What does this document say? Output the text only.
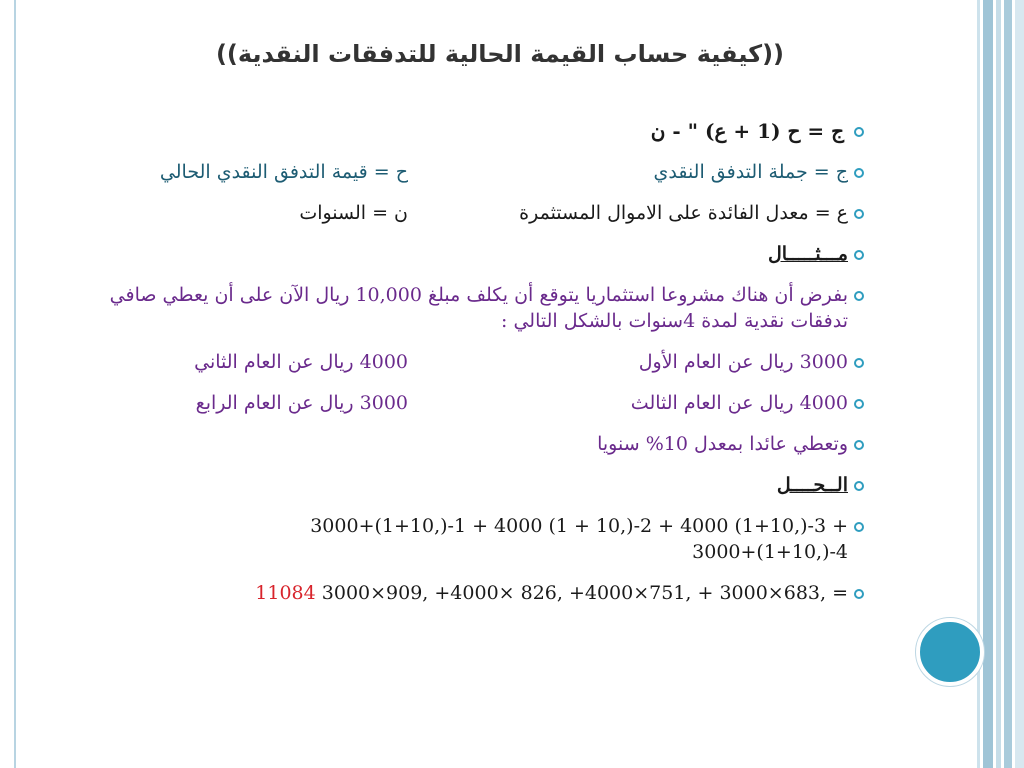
((كيفية حساب القيمة الحالية للتدفقات النقدية))
ج = ح (1 + ع) " - ن
ج = جملة التدفق النقدي
ح = قيمة التدفق النقدي الحالي
ع = معدل الفائدة على الاموال المستثمرة
ن = السنوات
مـــثـــــال
بفرض أن هناك مشروعا استثماريا يتوقع أن يكلف مبلغ 10,000 ريال الآن على أن يعطي صافي تدفقات نقدية لمدة 4سنوات بالشكل التالي :
3000 ريال عن العام الأول
4000 ريال عن العام الثاني
4000 ريال عن العام الثالث
3000 ريال عن العام الرابع
وتعطي عائدا بمعدل 10% سنويا
الــحــــل
3000+(1+10,)-1 + 4000 (1 + 10,)-2 + 4000 (1+10,)-3 +
3000+(1+10,)-4
11084 3000×909, +4000× 826, +4000×751, + 3000×683, =
